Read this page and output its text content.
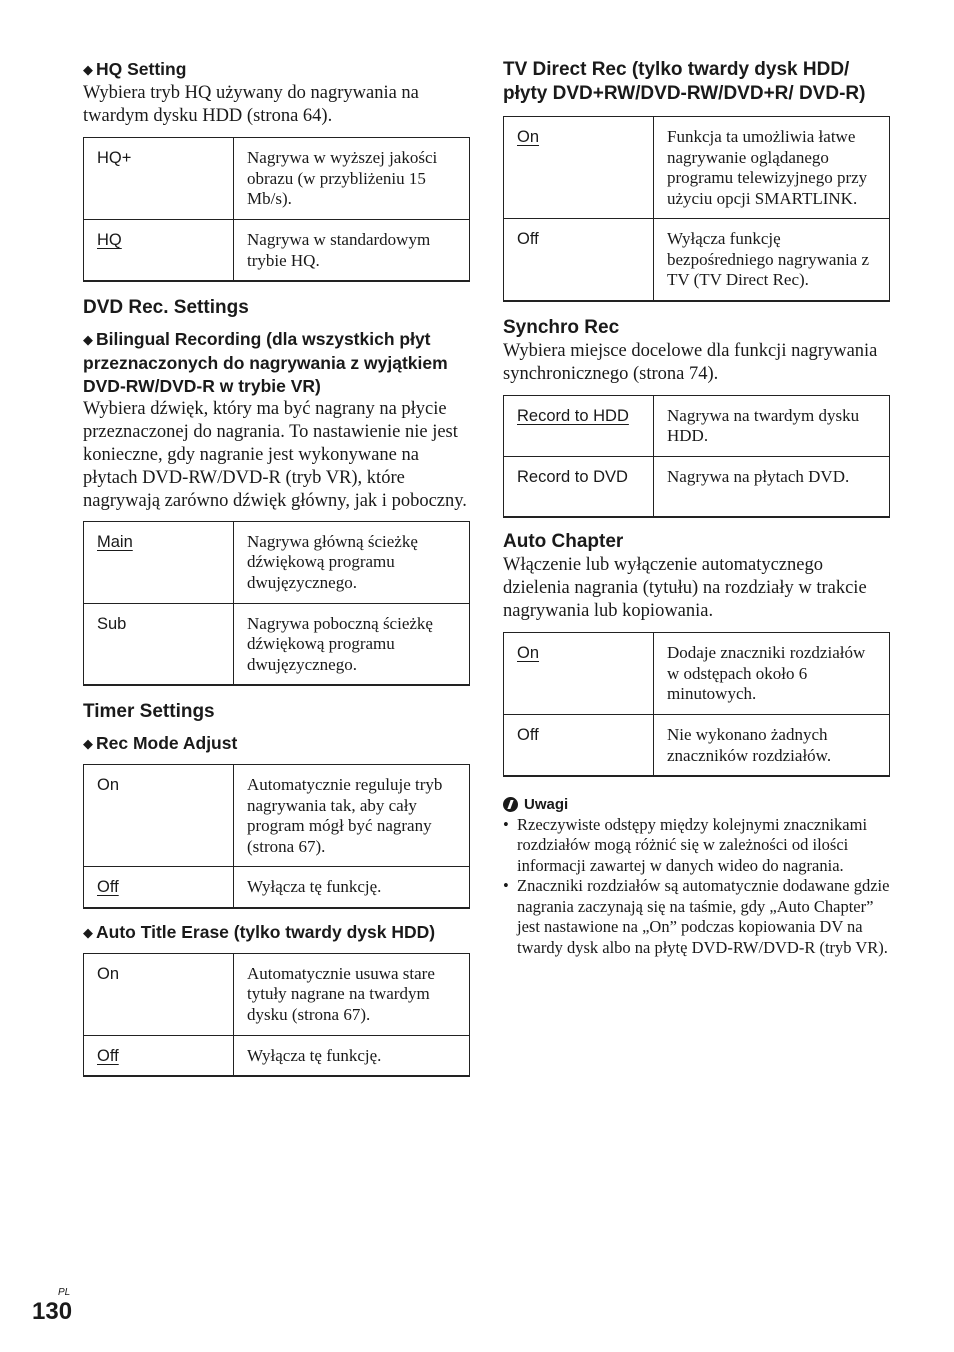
◆ HQ Setting

Wybiera tryb HQ używany do nagrywania na twardym dysku HDD (strona 64).

HQ+	Nagrywa w wyższej jakości obrazu (w przybliżeniu 15 Mb/s).
HQ	Nagrywa w standardowym trybie HQ.

DVD Rec. Settings

◆ Bilingual Recording (dla wszystkich płyt przeznaczonych do nagrywania z wyjątkiem DVD-RW/DVD-R w trybie VR)

Wybiera dźwięk, który ma być nagrany na płycie przeznaczonej do nagrania. To nastawienie nie jest konieczne, gdy nagranie jest wykonywane na płytach DVD-RW/DVD-R (tryb VR), które nagrywają zarówno dźwięk główny, jak i poboczny.

Main	Nagrywa główną ścieżkę dźwiękową programu dwujęzycznego.
Sub	Nagrywa poboczną ścieżkę dźwiękową programu dwujęzycznego.

Timer Settings

◆ Rec Mode Adjust

On	Automatycznie reguluje tryb nagrywania tak, aby cały program mógł być nagrany (strona 67).
Off	Wyłącza tę funkcję.

◆ Auto Title Erase (tylko twardy dysk HDD)

On	Automatycznie usuwa stare tytuły nagrane na twardym dysku (strona 67).
Off	Wyłącza tę funkcję.

TV Direct Rec (tylko twardy dysk HDD/ płyty DVD+RW/DVD-RW/DVD+R/ DVD-R)

On	Funkcja ta umożliwia łatwe nagrywanie oglądanego programu telewizyjnego przy użyciu opcji SMARTLINK.
Off	Wyłącza funkcję bezpośredniego nagrywania z TV (TV Direct Rec).

Synchro Rec

Wybiera miejsce docelowe dla funkcji nagrywania synchronicznego (strona 74).

Record to HDD	Nagrywa na twardym dysku HDD.
Record to DVD	Nagrywa na płytach DVD.

Auto Chapter

Włączenie lub wyłączenie automatycznego dzielenia nagrania (tytułu) na rozdziały w trakcie nagrywania lub kopiowania.

On	Dodaje znaczniki rozdziałów w odstępach około 6 minutowych.
Off	Nie wykonano żadnych znaczników rozdziałów.

Uwagi

• Rzeczywiste odstępy między kolejnymi znacznikami rozdziałów mogą różnić się w zależności od ilości informacji zawartej w danych wideo do nagrania.
• Znaczniki rozdziałów są automatycznie dodawane gdzie nagrania zaczynają się na taśmie, gdy „Auto Chapter” jest nastawione na „On” podczas kopiowania DV na twardy dysk albo na płytę DVD-RW/DVD-R (tryb VR).
PL
130
